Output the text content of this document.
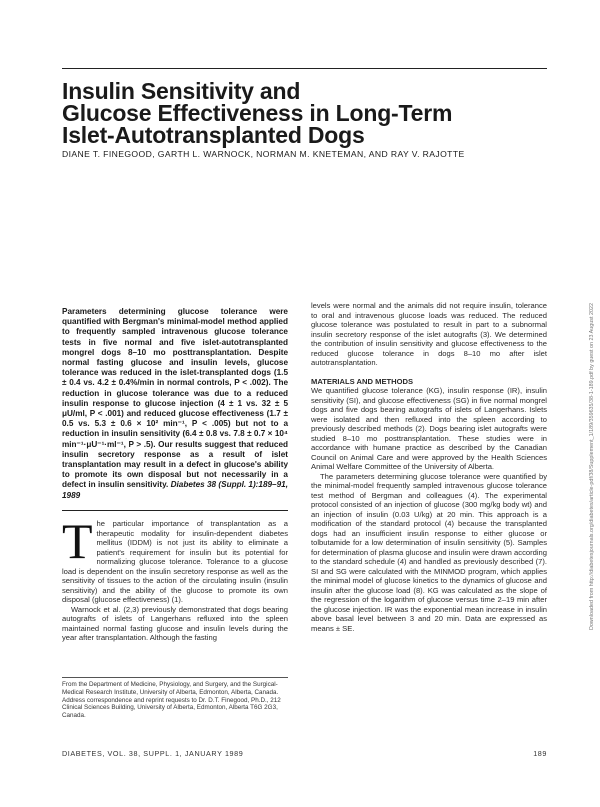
Insulin Sensitivity and
Glucose Effectiveness in Long-Term
Islet-Autotransplanted Dogs
DIANE T. FINEGOOD, GARTH L. WARNOCK, NORMAN M. KNETEMAN, AND RAY V. RAJOTTE
Parameters determining glucose tolerance were quantified with Bergman's minimal-model method applied to frequently sampled intravenous glucose tolerance tests in five normal and five islet-autotransplanted mongrel dogs 8–10 mo posttransplantation. Despite normal fasting glucose and insulin levels, glucose tolerance was reduced in the islet-transplanted dogs (1.5 ± 0.4 vs. 4.2 ± 0.4%/min in normal controls, P < .002). The reduction in glucose tolerance was due to a reduced insulin response to glucose injection (4 ± 1 vs. 32 ± 5 μU/ml, P < .001) and reduced glucose effectiveness (1.7 ± 0.5 vs. 5.3 ± 0.6 × 10² min⁻¹, P < .005) but not to a reduction in insulin sensitivity (6.4 ± 0.8 vs. 7.8 ± 0.7 × 10⁴ min⁻¹·μU⁻¹·ml⁻¹, P > .5). Our results suggest that reduced insulin secretory response as a result of islet transplantation may result in a defect in glucose's ability to promote its own disposal but not necessarily in a defect in insulin sensitivity. Diabetes 38 (Suppl. 1):189–91, 1989

The particular importance of transplantation as a therapeutic modality for insulin-dependent diabetes mellitus (IDDM) is not just its ability to eliminate a patient's requirement for insulin but its potential for normalizing glucose tolerance. Tolerance to a glucose load is dependent on the insulin secretory response as well as the sensitivity of tissues to the action of the circulating insulin (insulin sensitivity) and the ability of the glucose to promote its own disposal (glucose effectiveness) (1).

Warnock et al. (2,3) previously demonstrated that dogs bearing autografts of islets of Langerhans refluxed into the spleen maintained normal fasting glucose and insulin levels during the year after transplantation. Although the fasting

From the Department of Medicine, Physiology, and Surgery, and the Surgical-Medical Research Institute, University of Alberta, Edmonton, Alberta, Canada. Address correspondence and reprint requests to Dr. D.T. Finegood, Ph.D., 212 Clinical Sciences Building, University of Alberta, Edmonton, Alberta T6G 2G3, Canada.

levels were normal and the animals did not require insulin, tolerance to oral and intravenous glucose loads was reduced. The reduced glucose tolerance was postulated to result in part to a subnormal insulin secretory response of the islet autografts (3). We determined the contribution of insulin sensitivity and glucose effectiveness to the reduced glucose tolerance in dogs 8–10 mo after islet autotransplantation.

MATERIALS AND METHODS

We quantified glucose tolerance (KG), insulin response (IR), insulin sensitivity (SI), and glucose effectiveness (SG) in five normal mongrel dogs and five dogs bearing autografts of islets of Langerhans. Islets were isolated and then refluxed into the spleen according to previously described methods (2). Dogs bearing islet autografts were studied 8–10 mo posttransplantation. These studies were in accordance with humane practice as described by the Canadian Council on Animal Care and were approved by the Health Sciences Animal Welfare Committee of the University of Alberta.

The parameters determining glucose tolerance were quantified by the minimal-model frequently sampled intravenous glucose tolerance test method of Bergman and colleagues (4). The experimental protocol consisted of an injection of glucose (300 mg/kg body wt) and an injection of insulin (0.03 U/kg) at 20 min. This approach is a modification of the standard protocol (4) because the transplanted dogs had an insufficient insulin response to either glucose or tolbutamide for a low determination of insulin sensitivity (5). Samples for determination of plasma glucose and insulin were drawn according to the standard schedule (4) and handled as previously described (7). SI and SG were calculated with the MINMOD program, which applies the minimal model of glucose kinetics to the dynamics of glucose and insulin after the glucose load (8). KG was calculated as the slope of the regression of the logarithm of glucose versus time 2–19 min after the glucose injection. IR was the exponential mean increase in insulin above basal level between 3 and 20 min. Data are expressed as means ± SE.

DIABETES, VOL. 38, SUPPL. 1, JANUARY 1989	189
Downloaded from http://diabetesjournals.org/diabetes/article-pdf/38/Supplement_1/189/359635/38-1-189.pdf by guest on 23 August 2022
